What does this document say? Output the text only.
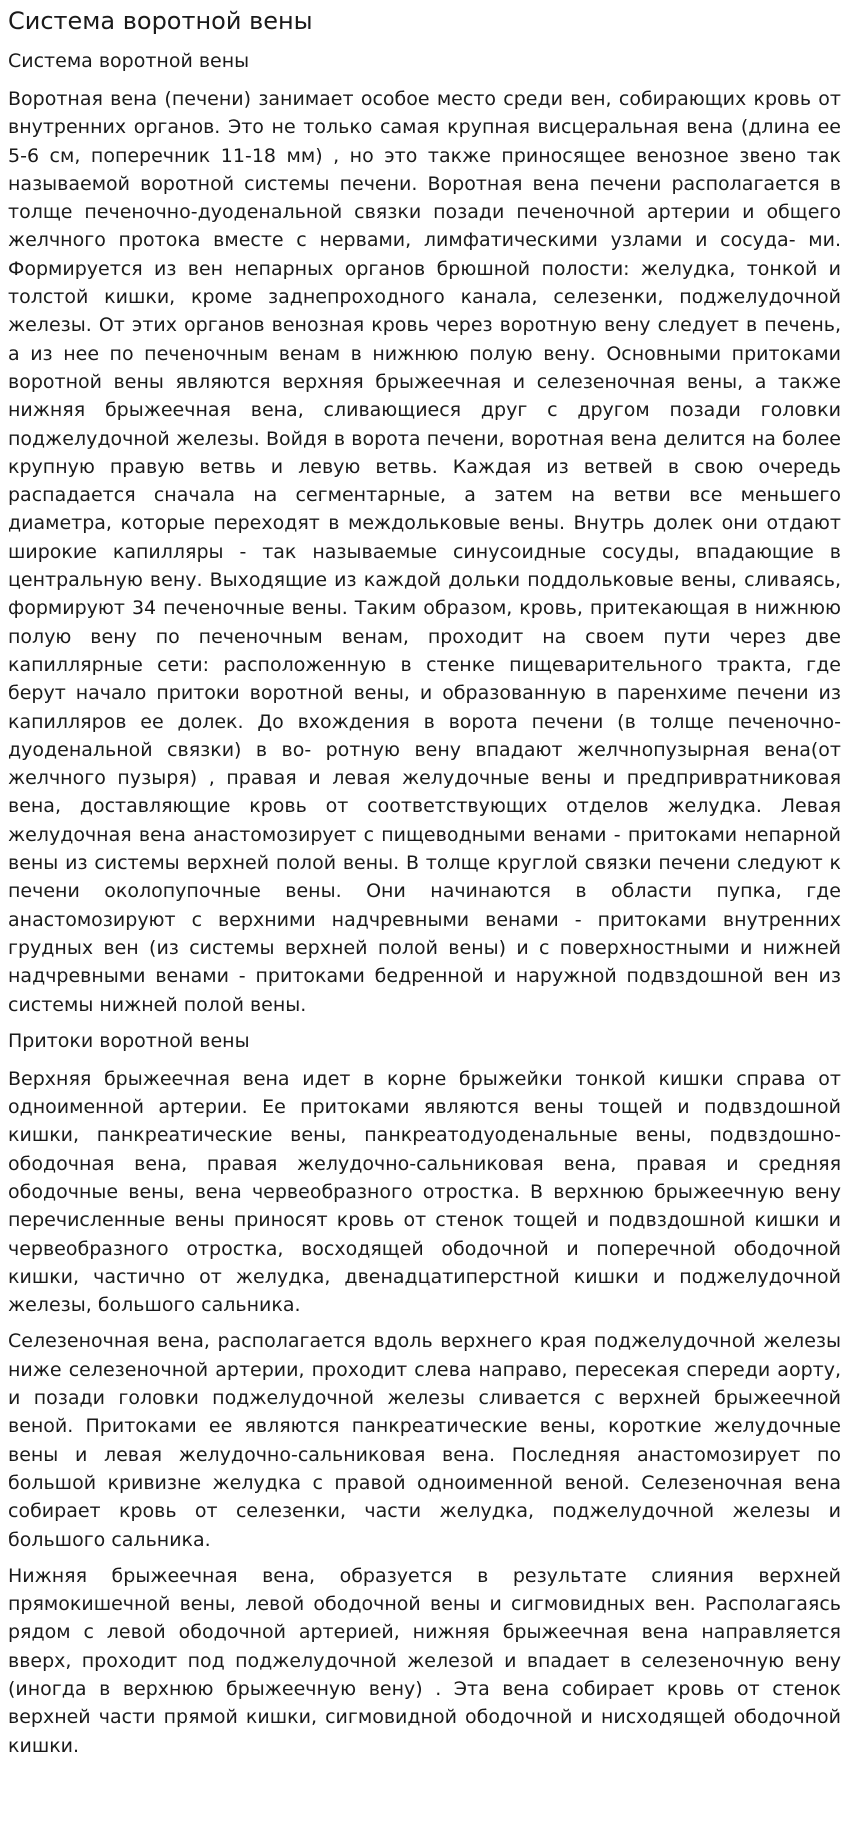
Система воротной вены
Система воротной вены

Воротная вена (печени) занимает особое место среди вен, собирающих кровь от внутренних органов. Это не только самая крупная висцеральная вена (длина ее 5-6 см, поперечник 11-18 мм) , но это также приносящее венозное звено так называемой воротной системы печени. Воротная вена печени располагается в толще печеночно-дуоденальной связки позади печеночной артерии и общего желчного протока вместе с нервами, лимфатическими узлами и сосуда- ми. Формируется из вен непарных органов брюшной полости: желудка, тонкой и толстой кишки, кроме заднепроходного канала, селезенки, поджелудочной железы. От этих органов венозная кровь через воротную вену следует в печень, а из нее по печеночным венам в нижнюю полую вену. Основными притоками воротной вены являются верхняя брыжеечная и селезеночная вены, а также нижняя брыжеечная вена, сливающиеся друг с другом позади головки поджелудочной железы. Войдя в ворота печени, воротная вена делится на более крупную правую ветвь и левую ветвь. Каждая из ветвей в свою очередь распадается сначала на сегментарные, а затем на ветви все меньшего диаметра, которые переходят в междольковые вены. Внутрь долек они отдают широкие капилляры - так называемые синусоидные сосуды, впадающие в центральную вену. Выходящие из каждой дольки поддольковые вены, сливаясь, формируют 34 печеночные вены. Таким образом, кровь, притекающая в нижнюю полую вену по печеночным венам, проходит на своем пути через две капиллярные сети: расположенную в стенке пищеварительного тракта, где берут начало притоки воротной вены, и образованную в паренхиме печени из капилляров ее долек. До вхождения в ворота печени (в толще печеночно-дуоденальной связки) в во- ротную вену впадают желчнопузырная вена(от желчного пузыря) , правая и левая желудочные вены и предпривратниковая вена, доставляющие кровь от соответствующих отделов желудка. Левая желудочная вена анастомозирует с пищеводными венами - притоками непарной вены из системы верхней полой вены. В толще круглой связки печени следуют к печени околопупочные вены. Они начинаются в области пупка, где анастомозируют с верхними надчревными венами - притоками внутренних грудных вен (из системы верхней полой вены) и с поверхностными и нижней надчревными венами - притоками бедренной и наружной подвздошной вен из системы нижней полой вены.

Притоки воротной вены

Верхняя брыжеечная вена идет в корне брыжейки тонкой кишки справа от одноименной артерии. Ее притоками являются вены тощей и подвздошной кишки, панкреатические вены, панкреатодуоденальные вены, подвздошно-ободочная вена, правая желудочно-сальниковая вена, правая и средняя ободочные вены, вена червеобразного отростка. В верхнюю брыжеечную вену перечисленные вены приносят кровь от стенок тощей и подвздошной кишки и червеобразного отростка, восходящей ободочной и поперечной ободочной кишки, частично от желудка, двенадцатиперстной кишки и поджелудочной железы, большого сальника.

Селезеночная вена, располагается вдоль верхнего края поджелудочной железы ниже селезеночной артерии, проходит слева направо, пересекая спереди аорту, и позади головки поджелудочной железы сливается с верхней брыжеечной веной. Притоками ее являются панкреатические вены, короткие желудочные вены и левая желудочно-сальниковая вена. Последняя анастомозирует по большой кривизне желудка с правой одноименной веной. Селезеночная вена собирает кровь от селезенки, части желудка, поджелудочной железы и большого сальника.

Нижняя брыжеечная вена, образуется в результате слияния верхней прямокишечной вены, левой ободочной вены и сигмовидных вен. Располагаясь рядом с левой ободочной артерией, нижняя брыжеечная вена направляется вверх, проходит под поджелудочной железой и впадает в селезеночную вену (иногда в верхнюю брыжеечную вену) . Эта вена собирает кровь от стенок верхней части прямой кишки, сигмовидной ободочной и нисходящей ободочной кишки.
